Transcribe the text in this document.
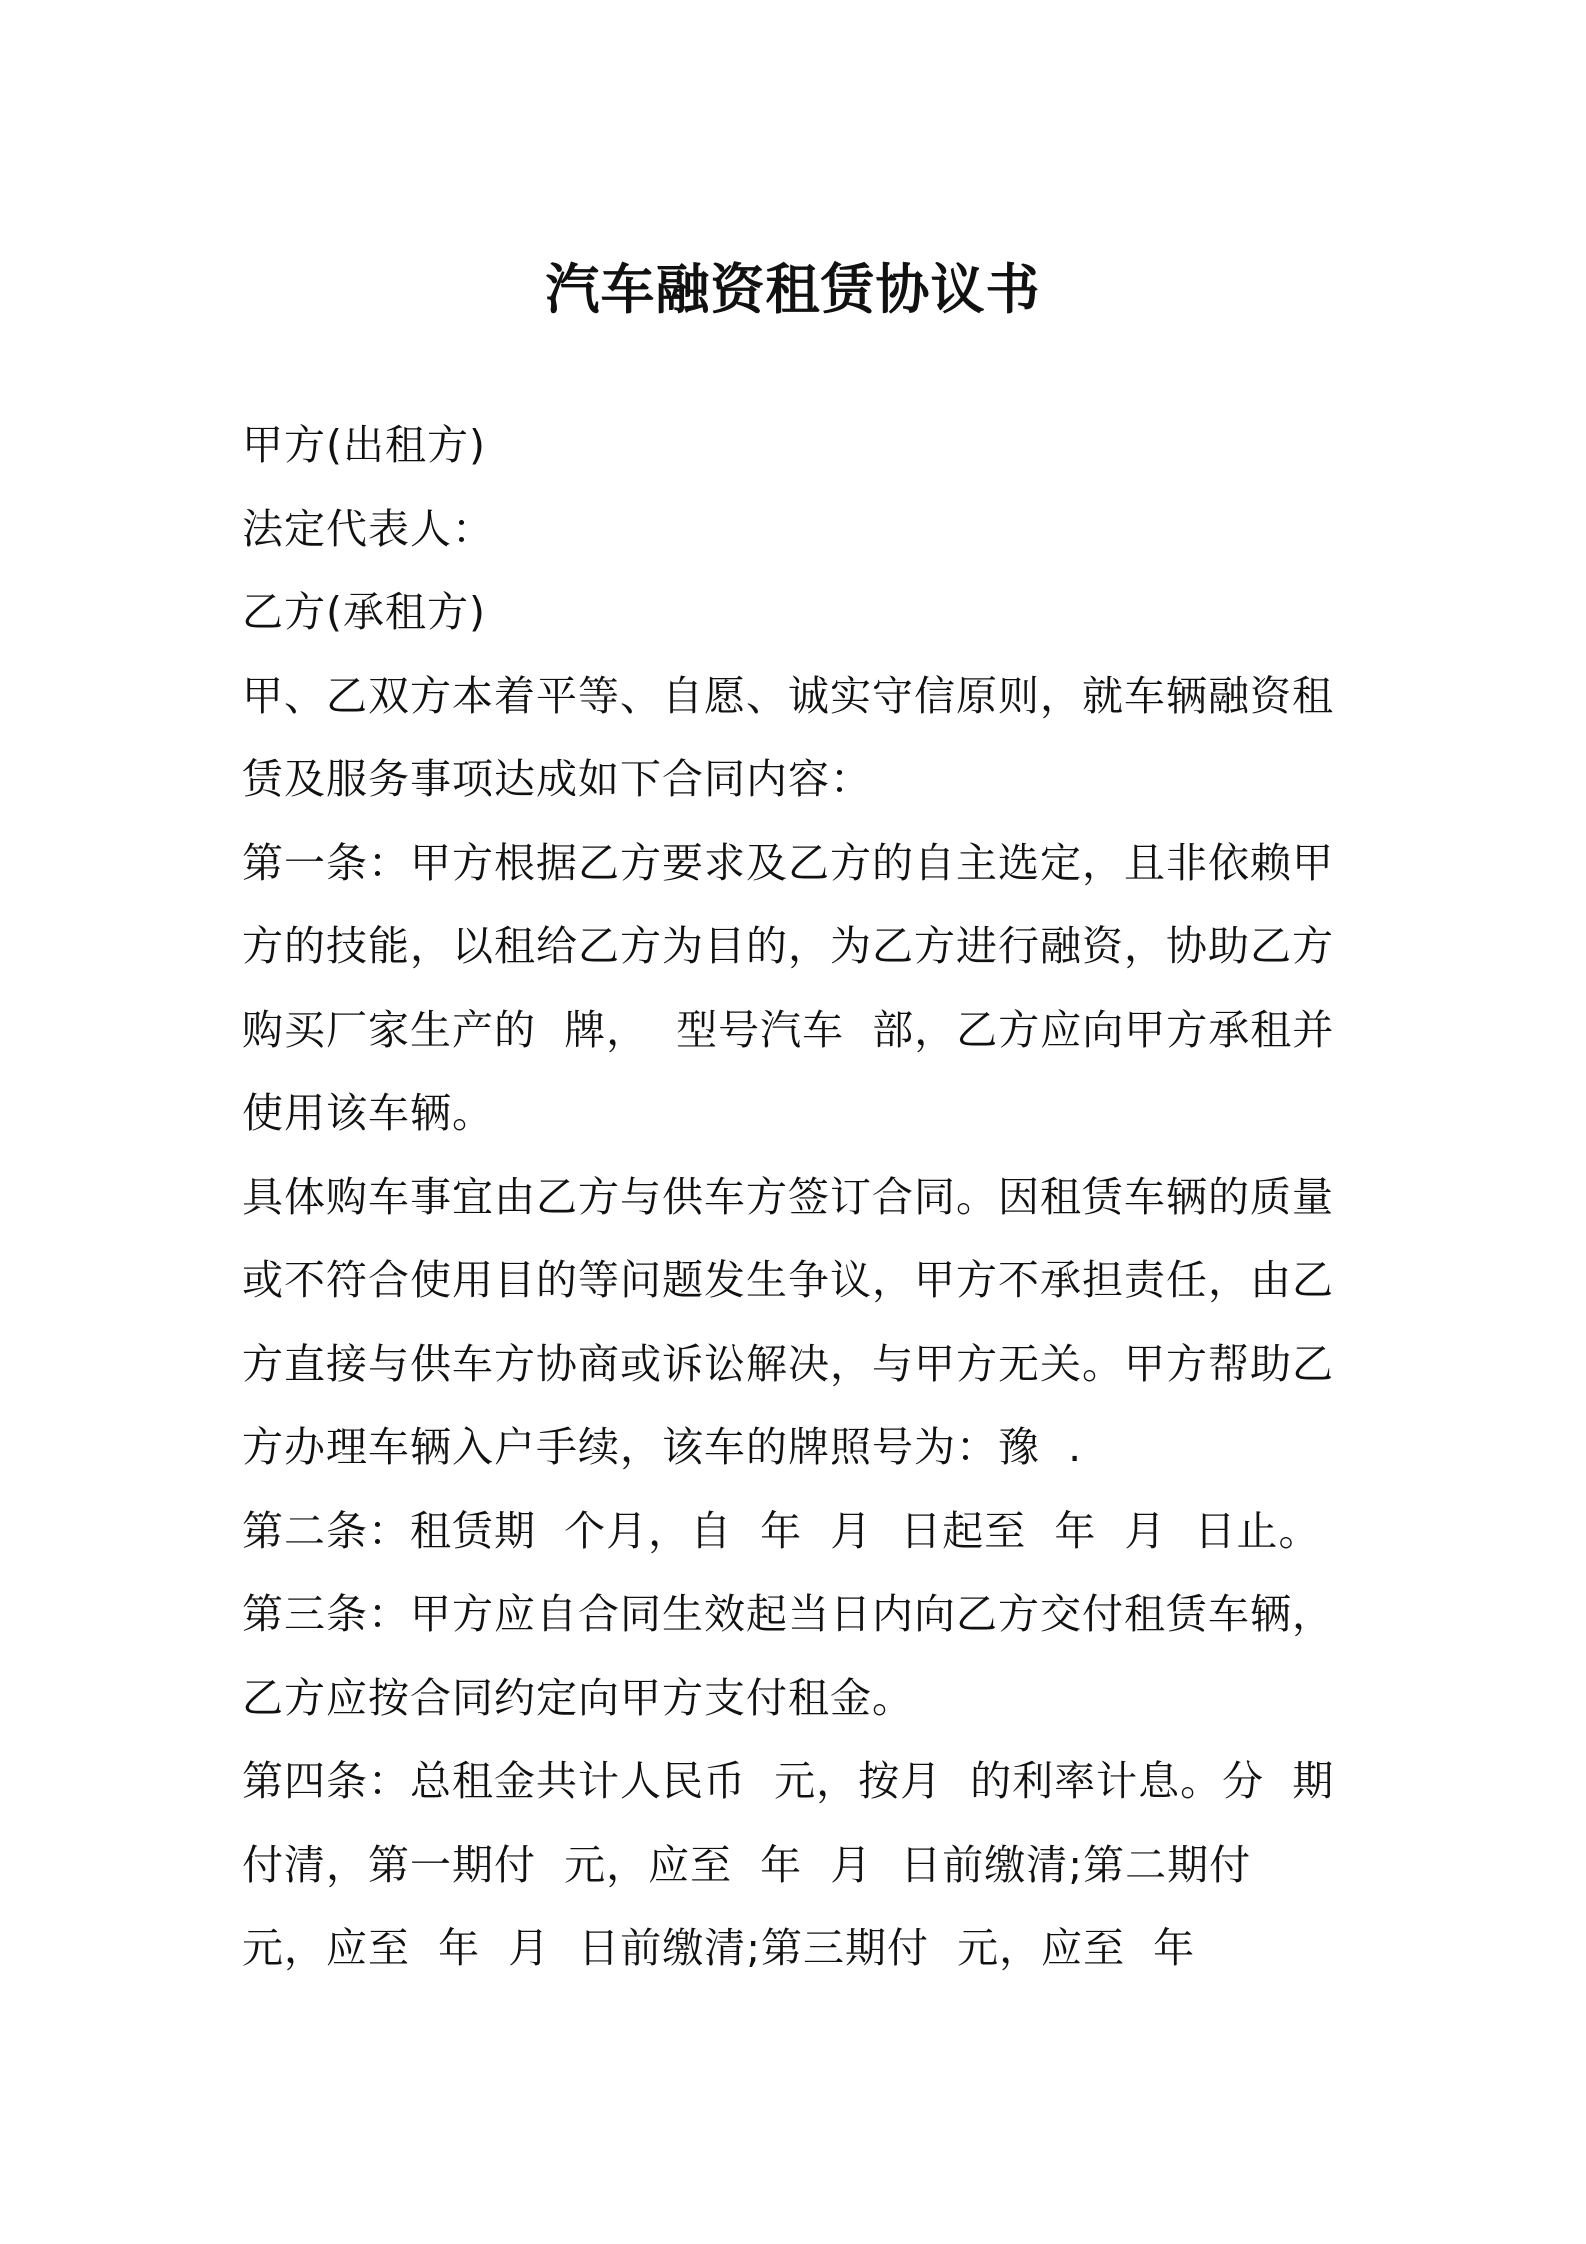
汽车融资租赁协议书
甲方(出租方)
法定代表人：
乙方(承租方)
甲、乙双方本着平等、自愿、诚实守信原则，就车辆融资租
赁及服务事项达成如下合同内容：
第一条：甲方根据乙方要求及乙方的自主选定，且非依赖甲
方的技能，以租给乙方为目的，为乙方进行融资，协助乙方
购买厂家生产的  牌，  型号汽车  部，乙方应向甲方承租并
使用该车辆。
具体购车事宜由乙方与供车方签订合同。因租赁车辆的质量
或不符合使用目的等问题发生争议，甲方不承担责任，由乙
方直接与供车方协商或诉讼解决，与甲方无关。甲方帮助乙
方办理车辆入户手续，该车的牌照号为：豫  .
第二条：租赁期  个月，自  年  月  日起至  年  月  日止。
第三条：甲方应自合同生效起当日内向乙方交付租赁车辆，
乙方应按合同约定向甲方支付租金。
第四条：总租金共计人民币  元，按月  的利率计息。分  期
付清，第一期付  元，应至  年  月  日前缴清;第二期付
元，应至  年  月  日前缴清;第三期付  元，应至  年
